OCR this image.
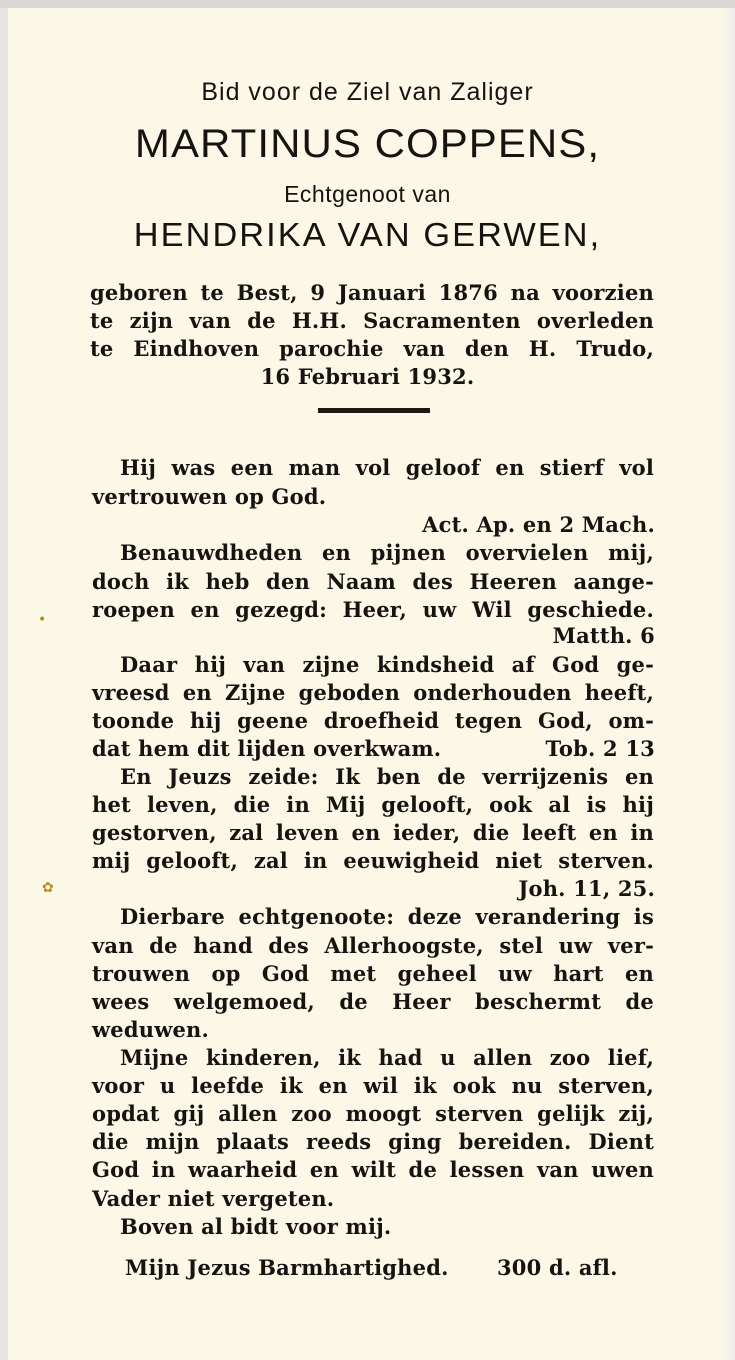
Bid voor de Ziel van Zaliger
MARTINUS COPPENS,
Echtgenoot van
HENDRIKA VAN GERWEN,
geboren te Best, 9 Januari 1876 na voorzien
te zijn van de H.H. Sacramenten overleden
te Eindhoven parochie van den H. Trudo,
16 Februari 1932.
Hij was een man vol geloof en stierf vol
vertrouwen op God.
Act. Ap. en 2 Mach.
Benauwdheden en pijnen overvielen mij,
doch ik heb den Naam des Heeren aange-
roepen en gezegd: Heer, uw Wil geschiede.
Matth. 6
Daar hij van zijne kindsheid af God ge-
vreesd en Zijne geboden onderhouden heeft,
toonde hij geene droefheid tegen God, om-
dat hem dit lijden overkwam.	Tob. 2 13
En Jeuzs zeide: Ik ben de verrijzenis en
het leven, die in Mij gelooft, ook al is hij
gestorven, zal leven en ieder, die leeft en in
mij gelooft, zal in eeuwigheid niet sterven.
Joh. 11, 25.
Dierbare echtgenoote: deze verandering is
van de hand des Allerhoogste, stel uw ver-
trouwen op God met geheel uw hart en
wees welgemoed, de Heer beschermt de
weduwen.
Mijne kinderen, ik had u allen zoo lief,
voor u leefde ik en wil ik ook nu sterven,
opdat gij allen zoo moogt sterven gelijk zij,
die mijn plaats reeds ging bereiden. Dient
God in waarheid en wilt de lessen van uwen
Vader niet vergeten.
Boven al bidt voor mij.
Mijn Jezus Barmhartighed. 300 d. afl.
•
✿
